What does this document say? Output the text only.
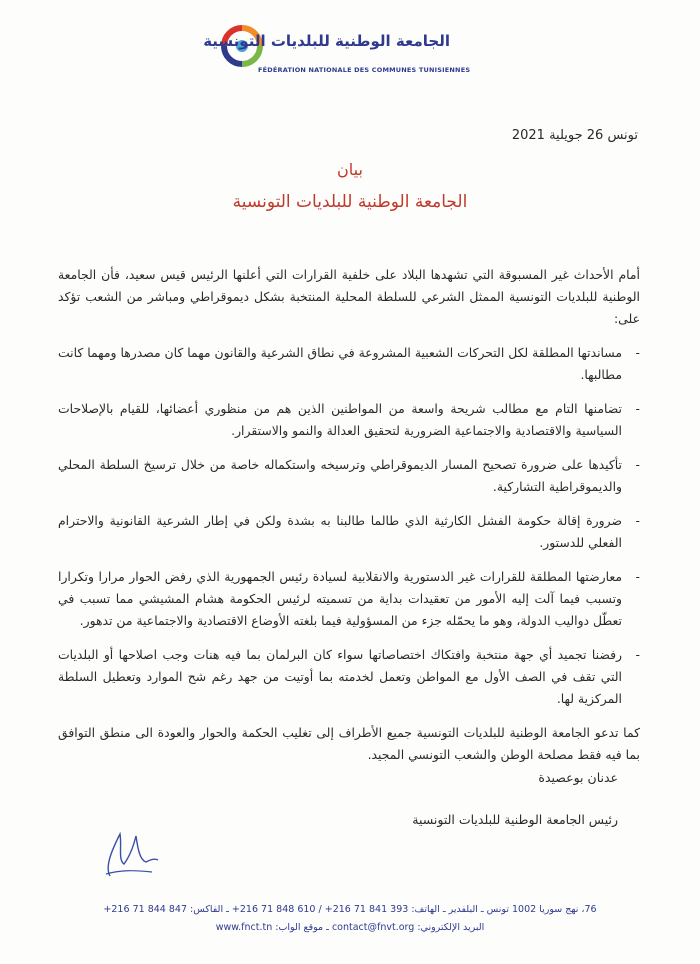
الجامعة الوطنية للبلديات التونسية
FÉDÉRATION NATIONALE DES COMMUNES TUNISIENNES
تونس 26 جويلية 2021
بيان
الجامعة الوطنية للبلديات التونسية

أمام الأحداث غير المسبوقة التي تشهدها البلاد على خلفية القرارات التي أعلنها الرئيس قيس سعيد، فأن الجامعة الوطنية للبلديات التونسية الممثل الشرعي للسلطة المحلية المنتخبة بشكل ديموقراطي ومباشر من الشعب تؤكد على:

-
مساندتها المطلقة لكل التحركات الشعبية المشروعة في نطاق الشرعية والقانون مهما كان مصدرها ومهما كانت مطالبها.
-
تضامنها التام مع مطالب شريحة واسعة من المواطنين الذين هم من منظوري أعضائها، للقيام بالإصلاحات السياسية والاقتصادية والاجتماعية الضرورية لتحقيق العدالة والنمو والاستقرار.
-
تأكيدها على ضرورة تصحيح المسار الديموقراطي وترسيخه واستكماله خاصة من خلال ترسيخ السلطة المحلي والديموقراطية التشاركية.
-
ضرورة إقالة حكومة الفشل الكارثية الذي طالما طالبنا به بشدة ولكن في إطار الشرعية القانونية والاحترام الفعلي للدستور.
-
معارضتها المطلقة للقرارات غير الدستورية والانقلابية لسيادة رئيس الجمهورية الذي رفض الحوار مرارا وتكرارا وتسبب فيما آلت إليه الأمور من تعقيدات بداية من تسميته لرئيس الحكومة هشام المشيشي مما تسبب في تعطّل دواليب الدولة، وهو ما يحمّله جزء من المسؤولية فيما بلغته الأوضاع الاقتصادية والاجتماعية من تدهور.
-
رفضنا تجميد أي جهة منتخبة وافتكاك اختصاصاتها سواء كان البرلمان بما فيه هنات وجب اصلاحها أو البلديات التي تقف في الصف الأول مع المواطن وتعمل لخدمته بما أوتيت من جهد رغم شح الموارد وتعطيل السلطة المركزية لها.

كما تدعو الجامعة الوطنية للبلديات التونسية جميع الأطراف إلى تغليب الحكمة والحوار والعودة الى منطق التوافق بما فيه فقط مصلحة الوطن والشعب التونسي المجيد.

عدنان بوعصيدة
رئيس الجامعة الوطنية للبلديات التونسية
76، نهج سوريا 1002 تونس ـ البلفدير ـ الهاتف: 393 841 71 216+ / 610 848 71 216+ ـ الفاكس: 847 844 71 216+
البريد الإلكتروني: contact@fnvt.org ـ موقع الواب: www.fnct.tn
